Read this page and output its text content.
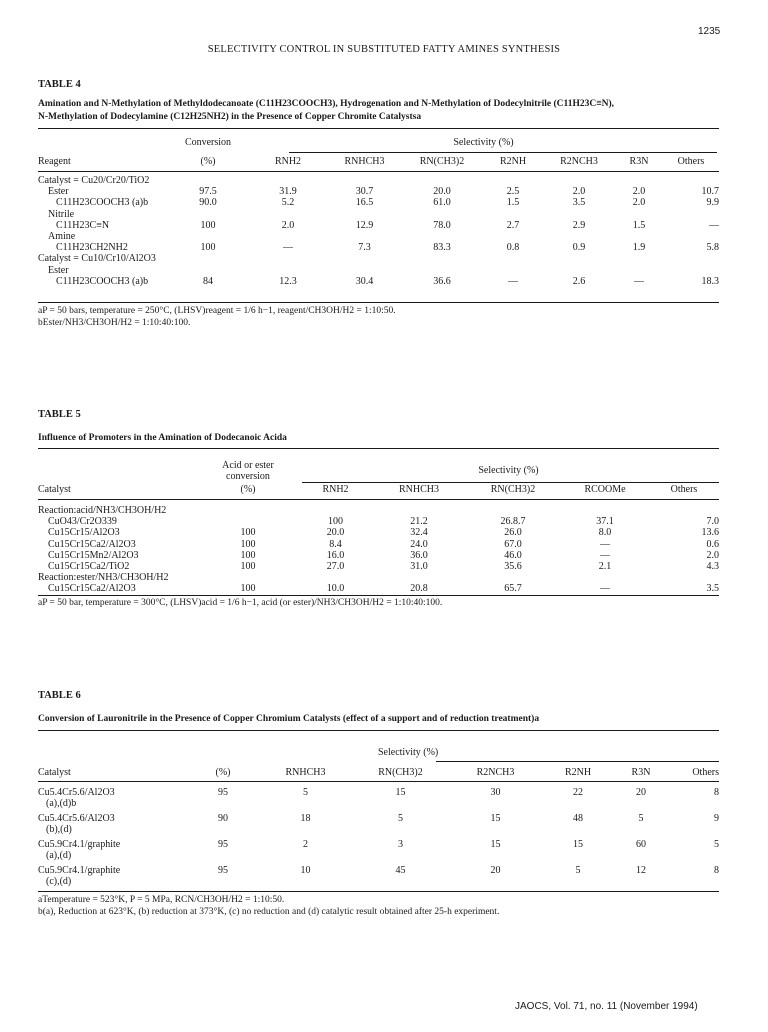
1235
SELECTIVITY CONTROL IN SUBSTITUTED FATTY AMINES SYNTHESIS
TABLE 4
Amination and N-Methylation of Methyldodecanoate (C11H23COOCH3), Hydrogenation and N-Methylation of Dodecylnitrile (C11H23C≡N),
N-Methylation of Dodecylamine (C12H25NH2) in the Presence of Copper Chromite Catalystsa
	Conversion	Selectivity (%)
Reagent	(%)	RNH2	RNHCH3	RN(CH3)2	R2NH	R2NCH3	R3N	Others
Catalyst = Cu20/Cr20/TiO2								
Ester	97.5	31.9	30.7	20.0	2.5	2.0	2.0	10.7
C11H23COOCH3 (a)b	90.0	5.2	16.5	61.0	1.5	3.5	2.0	9.9
Nitrile								
C11H23C≡N	100	2.0	12.9	78.0	2.7	2.9	1.5	—
Amine								
C11H23CH2NH2	100	—	7.3	83.3	0.8	0.9	1.9	5.8
Catalyst = Cu10/Cr10/Al2O3								
Ester								
C11H23COOCH3 (a)b	84	12.3	30.4	36.6	—	2.6	—	18.3
aP = 50 bars, temperature = 250°C, (LHSV)reagent = 1/6 h−1, reagent/CH3OH/H2 = 1:10:50.
bEster/NH3/CH3OH/H2 = 1:10:40:100.
TABLE 5
Influence of Promoters in the Amination of Dodecanoic Acida
	Acid or ester	
	conversion	Selectivity (%)
Catalyst	(%)	RNH2	RNHCH3	RN(CH3)2	RCOOMe	Others
Reaction:acid/NH3/CH3OH/H2						
CuO43/Cr2O339		100	21.2	26.8.7	37.1	7.0
Cu15Cr15/Al2O3	100	20.0	32.4	26.0	8.0	13.6
Cu15Cr15Ca2/Al2O3	100	8.4	24.0	67.0	—	0.6
Cu15Cr15Mn2/Al2O3	100	16.0	36.0	46.0	—	2.0
Cu15Cr15Ca2/TiO2	100	27.0	31.0	35.6	2.1	4.3
Reaction:ester/NH3/CH3OH/H2						
Cu15Cr15Ca2/Al2O3	100	10.0	20.8	65.7	—	3.5
aP = 50 bar, temperature = 300°C, (LHSV)acid = 1/6 h−1, acid (or ester)/NH3/CH3OH/H2 = 1:10:40:100.
TABLE 6
Conversion of Lauronitrile in the Presence of Copper Chromium Catalysts (effect of a support and of reduction treatment)a
			Selectivity (%)
Catalyst	(%)	RNHCH3	RN(CH3)2	R2NCH3	R2NH	R3N	Others
Cu5.4Cr5.6/Al2O3
(a),(d)b	95	5	15	30	22	20	8

Cu5.4Cr5.6/Al2O3
(b),(d)	90	18	5	15	48	5	9

Cu5.9Cr4.1/graphite
(a),(d)	95	2	3	15	15	60	5

Cu5.9Cr4.1/graphite
(c),(d)	95	10	45	20	5	12	8
aTemperature = 523°K, P = 5 MPa, RCN/CH3OH/H2 = 1:10:50.
b(a), Reduction at 623°K, (b) reduction at 373°K, (c) no reduction and (d) catalytic result obtained after 25-h experiment.
JAOCS, Vol. 71, no. 11 (November 1994)
